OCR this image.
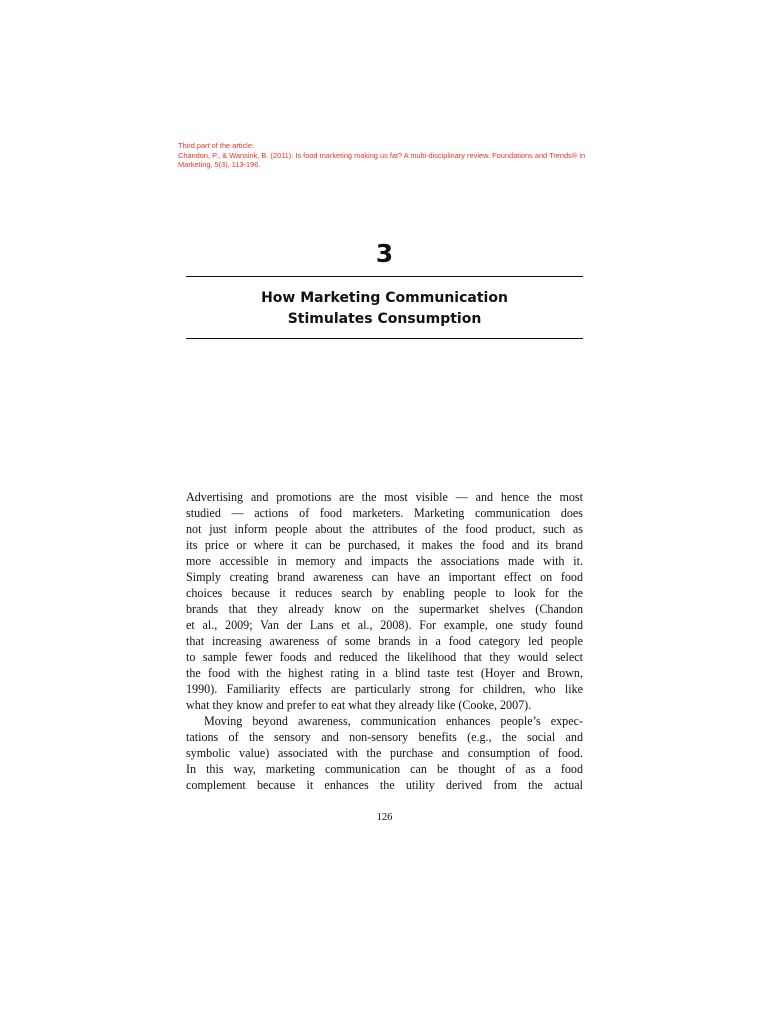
Third part of the article:
Chandon, P., & Wansink, B. (2011). Is food marketing making us fat? A multi-disciplinary review. Foundations and Trends® in
Marketing, 5(3), 113-196.
3
How Marketing Communication
Stimulates Consumption
Advertising and promotions are the most visible — and hence the most
studied — actions of food marketers. Marketing communication does
not just inform people about the attributes of the food product, such as
its price or where it can be purchased, it makes the food and its brand
more accessible in memory and impacts the associations made with it.
Simply creating brand awareness can have an important effect on food
choices because it reduces search by enabling people to look for the
brands that they already know on the supermarket shelves (Chandon
et al., 2009; Van der Lans et al., 2008). For example, one study found
that increasing awareness of some brands in a food category led people
to sample fewer foods and reduced the likelihood that they would select
the food with the highest rating in a blind taste test (Hoyer and Brown,
1990). Familiarity effects are particularly strong for children, who like
what they know and prefer to eat what they already like (Cooke, 2007).
Moving beyond awareness, communication enhances people’s expec-
tations of the sensory and non-sensory benefits (e.g., the social and
symbolic value) associated with the purchase and consumption of food.
In this way, marketing communication can be thought of as a food
complement because it enhances the utility derived from the actual
126
